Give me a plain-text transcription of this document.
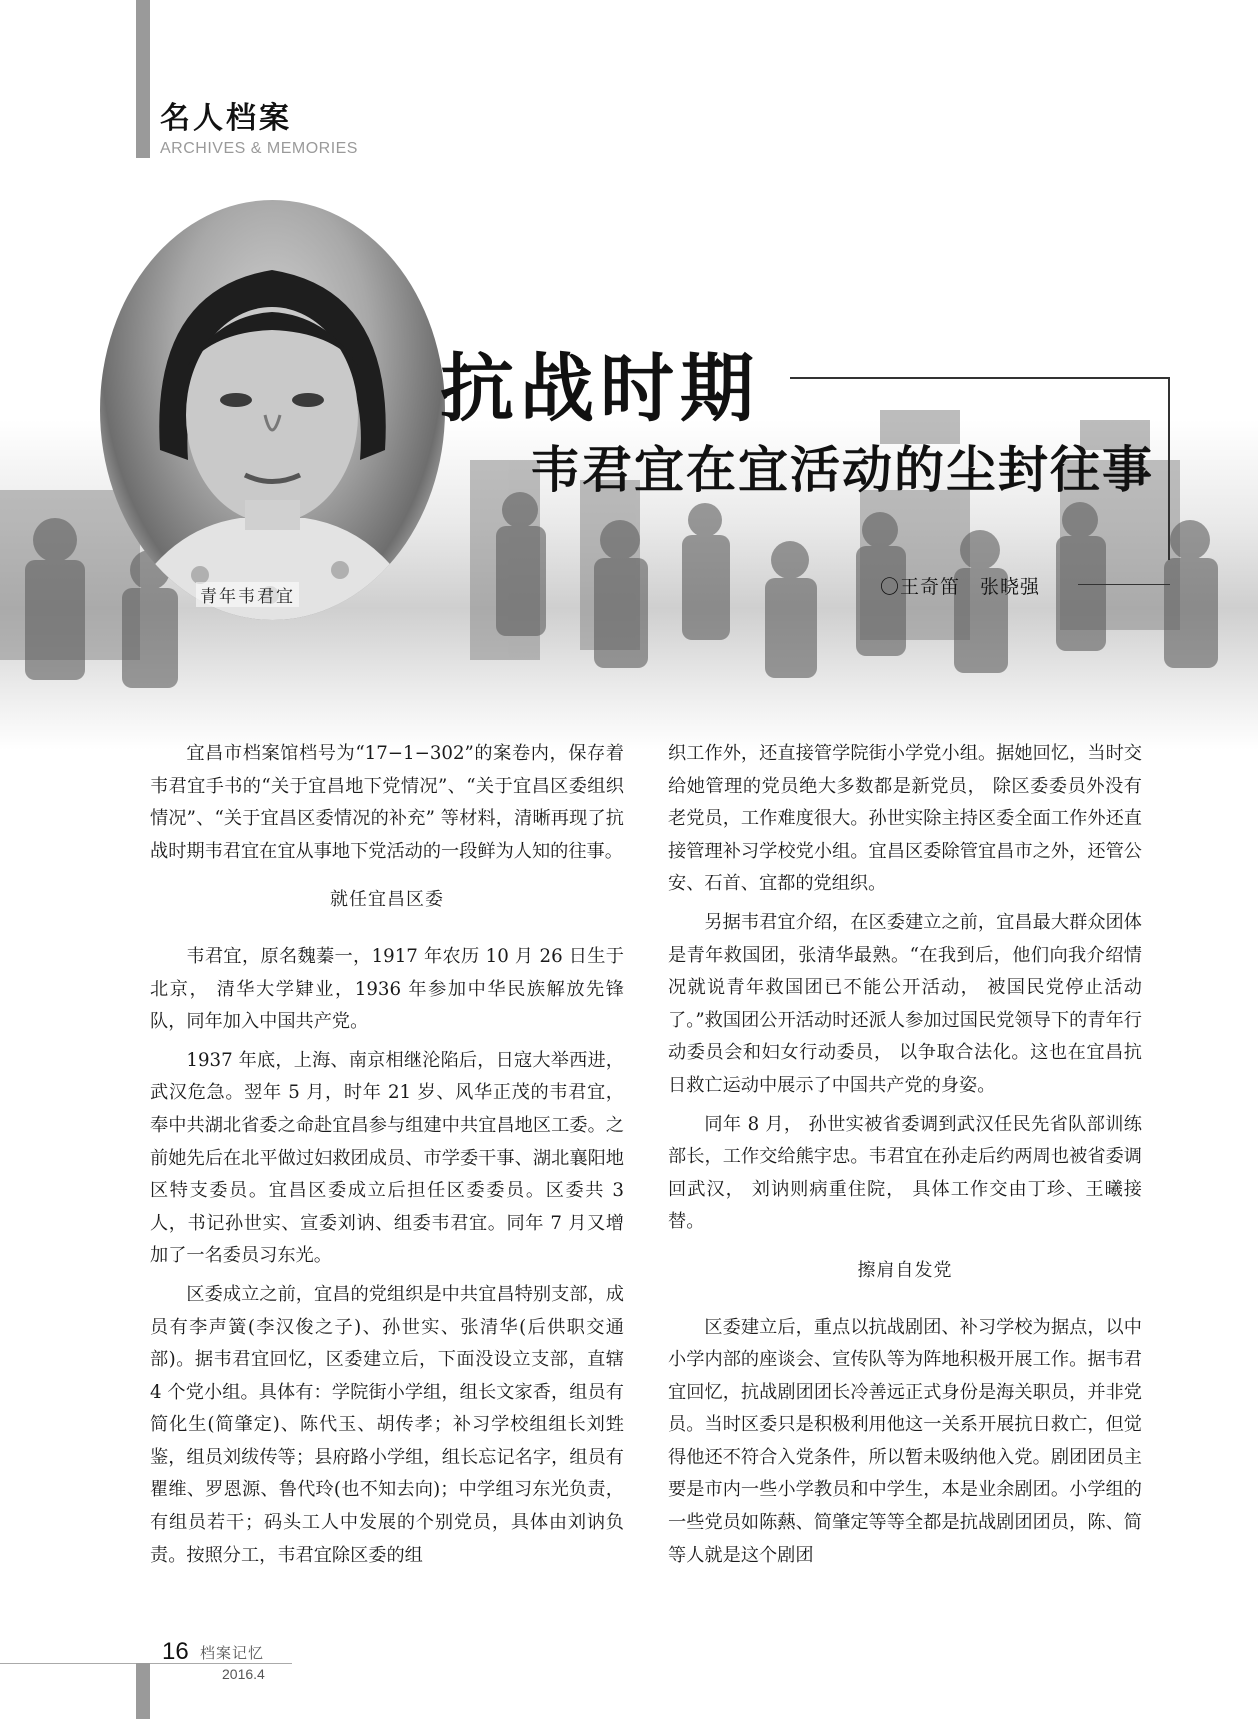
名人档案
ARCHIVES & MEMORIES
青年韦君宜
抗战时期
韦君宜在宜活动的尘封往事
〇王奇笛　张晓强

宜昌市档案馆档号为“17−1−302”的案卷内，保存着韦君宜手书的“关于宜昌地下党情况”、“关于宜昌区委组织情况”、“关于宜昌区委情况的补充” 等材料，清晰再现了抗战时期韦君宜在宜从事地下党活动的一段鲜为人知的往事。

就任宜昌区委

韦君宜，原名魏蓁一，1917 年农历 10 月 26 日生于北京， 清华大学肄业，1936 年参加中华民族解放先锋队，同年加入中国共产党。

1937 年底，上海、南京相继沦陷后，日寇大举西进，武汉危急。翌年 5 月，时年 21 岁、风华正茂的韦君宜，奉中共湖北省委之命赴宜昌参与组建中共宜昌地区工委。之前她先后在北平做过妇救团成员、市学委干事、湖北襄阳地区特支委员。宜昌区委成立后担任区委委员。区委共 3 人，书记孙世实、宣委刘讷、组委韦君宜。同年 7 月又增加了一名委员习东光。

区委成立之前，宜昌的党组织是中共宜昌特别支部，成员有李声簧(李汉俊之子)、孙世实、张清华(后供职交通部)。据韦君宜回忆，区委建立后，下面没设立支部，直辖 4 个党小组。具体有：学院街小学组，组长文家香，组员有简化生(简肇定)、陈代玉、胡传孝；补习学校组组长刘甡鉴，组员刘绂传等；县府路小学组，组长忘记名字，组员有瞿维、罗恩源、鲁代玲(也不知去向)；中学组习东光负责，有组员若干；码头工人中发展的个别党员，具体由刘讷负责。按照分工，韦君宜除区委的组

织工作外，还直接管学院街小学党小组。据她回忆，当时交给她管理的党员绝大多数都是新党员， 除区委委员外没有老党员，工作难度很大。孙世实除主持区委全面工作外还直接管理补习学校党小组。宜昌区委除管宜昌市之外，还管公安、石首、宜都的党组织。

另据韦君宜介绍，在区委建立之前，宜昌最大群众团体是青年救国团，张清华最熟。“在我到后，他们向我介绍情况就说青年救国团已不能公开活动， 被国民党停止活动了。”救国团公开活动时还派人参加过国民党领导下的青年行动委员会和妇女行动委员， 以争取合法化。这也在宜昌抗日救亡运动中展示了中国共产党的身姿。

同年 8 月， 孙世实被省委调到武汉任民先省队部训练部长，工作交给熊宇忠。韦君宜在孙走后约两周也被省委调回武汉， 刘讷则病重住院， 具体工作交由丁珍、王曦接替。

擦肩自发党

区委建立后，重点以抗战剧团、补习学校为据点，以中小学内部的座谈会、宣传队等为阵地积极开展工作。据韦君宜回忆，抗战剧团团长冷善远正式身份是海关职员，并非党员。当时区委只是积极利用他这一关系开展抗日救亡，但觉得他还不符合入党条件，所以暂未吸纳他入党。剧团团员主要是市内一些小学教员和中学生，本是业余剧团。小学组的一些党员如陈爇、简肇定等等全都是抗战剧团团员，陈、简等人就是这个剧团

16 档案记忆
2016.4
